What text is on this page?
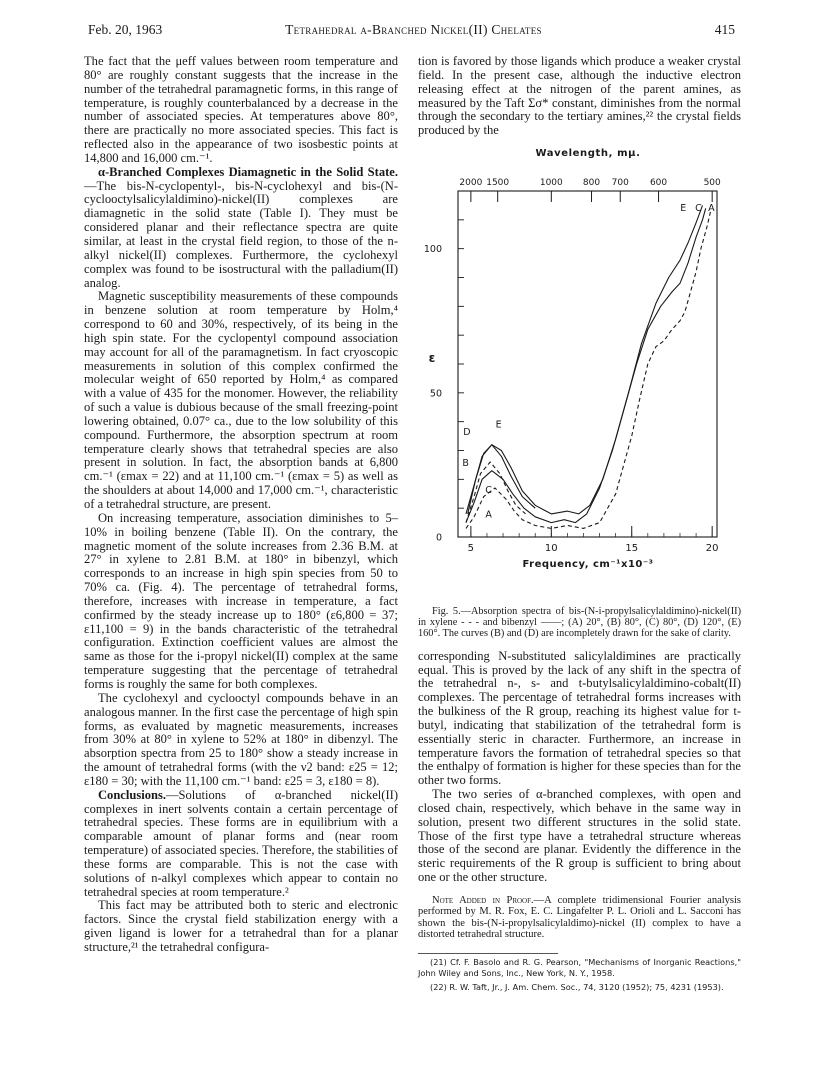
Feb. 20, 1963	Tetrahedral α-Branched Nickel(II) Chelates	415

The fact that the μeff values between room temperature and 80° are roughly constant suggests that the increase in the number of the tetrahedral paramagnetic forms, in this range of temperature, is roughly counterbalanced by a decrease in the number of associated species. At temperatures above 80°, there are practically no more associated species. This fact is reflected also in the appearance of two isosbestic points at 14,800 and 16,000 cm.⁻¹.

α-Branched Complexes Diamagnetic in the Solid State.—The bis-N-cyclopentyl-, bis-N-cyclohexyl and bis-(N-cyclooctylsalicylaldimino)-nickel(II) complexes are diamagnetic in the solid state (Table I). They must be considered planar and their reflectance spectra are quite similar, at least in the crystal field region, to those of the n-alkyl nickel(II) complexes. Furthermore, the cyclohexyl complex was found to be isostructural with the palladium(II) analog.

Magnetic susceptibility measurements of these compounds in benzene solution at room temperature by Holm,⁴ correspond to 60 and 30%, respectively, of its being in the high spin state. For the cyclopentyl compound association may account for all of the paramagnetism. In fact cryoscopic measurements in solution of this complex confirmed the molecular weight of 650 reported by Holm,⁴ as compared with a value of 435 for the monomer. However, the reliability of such a value is dubious because of the small freezing-point lowering obtained, 0.07° ca., due to the low solubility of this compound. Furthermore, the absorption spectrum at room temperature clearly shows that tetrahedral species are also present in solution. In fact, the absorption bands at 6,800 cm.⁻¹ (εmax = 22) and at 11,100 cm.⁻¹ (εmax = 5) as well as the shoulders at about 14,000 and 17,000 cm.⁻¹, characteristic of a tetrahedral structure, are present.

On increasing temperature, association diminishes to 5–10% in boiling benzene (Table II). On the contrary, the magnetic moment of the solute increases from 2.36 B.M. at 27° in xylene to 2.81 B.M. at 180° in bibenzyl, which corresponds to an increase in high spin species from 50 to 70% ca. (Fig. 4). The percentage of tetrahedral forms, therefore, increases with increase in temperature, a fact confirmed by the steady increase up to 180° (ε6,800 = 37; ε11,100 = 9) in the bands characteristic of the tetrahedral configuration. Extinction coefficient values are almost the same as those for the i-propyl nickel(II) complex at the same temperature suggesting that the percentage of tetrahedral forms is roughly the same for both complexes.

The cyclohexyl and cyclooctyl compounds behave in an analogous manner. In the first case the percentage of high spin forms, as evaluated by magnetic measurements, increases from 30% at 80° in xylene to 52% at 180° in dibenzyl. The absorption spectra from 25 to 180° show a steady increase in the amount of tetrahedral forms (with the ν2 band: ε25 = 12; ε180 = 30; with the 11,100 cm.⁻¹ band: ε25 = 3, ε180 = 8).

Conclusions.—Solutions of α-branched nickel(II) complexes in inert solvents contain a certain percentage of tetrahedral species. These forms are in equilibrium with a comparable amount of planar forms and (near room temperature) of associated species. Therefore, the stabilities of these forms are comparable. This is not the case with solutions of n-alkyl complexes which appear to contain no tetrahedral species at room temperature.²

This fact may be attributed both to steric and electronic factors. Since the crystal field stabilization energy with a given ligand is lower for a tetrahedral than for a planar structure,²¹ the tetrahedral configura-

tion is favored by those ligands which produce a weaker crystal field. In the present case, although the inductive electron releasing effect at the nitrogen of the parent amines, as measured by the Taft Σσ* constant, diminishes from the normal through the secondary to the tertiary amines,²² the crystal fields produced by the

Wavelength, mμ.
2000 1500	1000 800 700 600	500
5	10	15	20
Frequency, cm⁻¹x10⁻³
0
50
100
ε
A
B
C
D
E
E C A

Fig. 5.—Absorption spectra of bis-(N-i-propylsalicylaldimino)-nickel(II) in xylene - - - and bibenzyl ——; (A) 20°, (B) 80°, (C) 80°, (D) 120°, (E) 160°. The curves (B) and (D) are incompletely drawn for the sake of clarity.

corresponding N-substituted salicylaldimines are practically equal. This is proved by the lack of any shift in the spectra of the tetrahedral n-, s- and t-butylsalicylaldimino-cobalt(II) complexes. The percentage of tetrahedral forms increases with the bulkiness of the R group, reaching its highest value for t-butyl, indicating that stabilization of the tetrahedral form is essentially steric in character. Furthermore, an increase in temperature favors the formation of tetrahedral species so that the enthalpy of formation is higher for these species than for the other two forms.

The two series of α-branched complexes, with open and closed chain, respectively, which behave in the same way in solution, present two different structures in the solid state. Those of the first type have a tetrahedral structure whereas those of the second are planar. Evidently the difference in the steric requirements of the R group is sufficient to bring about one or the other structure.

Note Added in Proof.—A complete tridimensional Fourier analysis performed by M. R. Fox, E. C. Lingafelter P. L. Orioli and L. Sacconi has shown the bis-(N-i-propylsalicylaldimo)-nickel (II) complex to have a distorted tetrahedral structure.

(21) Cf. F. Basolo and R. G. Pearson, "Mechanisms of Inorganic Reactions," John Wiley and Sons, Inc., New York, N. Y., 1958.

(22) R. W. Taft, Jr., J. Am. Chem. Soc., 74, 3120 (1952); 75, 4231 (1953).
